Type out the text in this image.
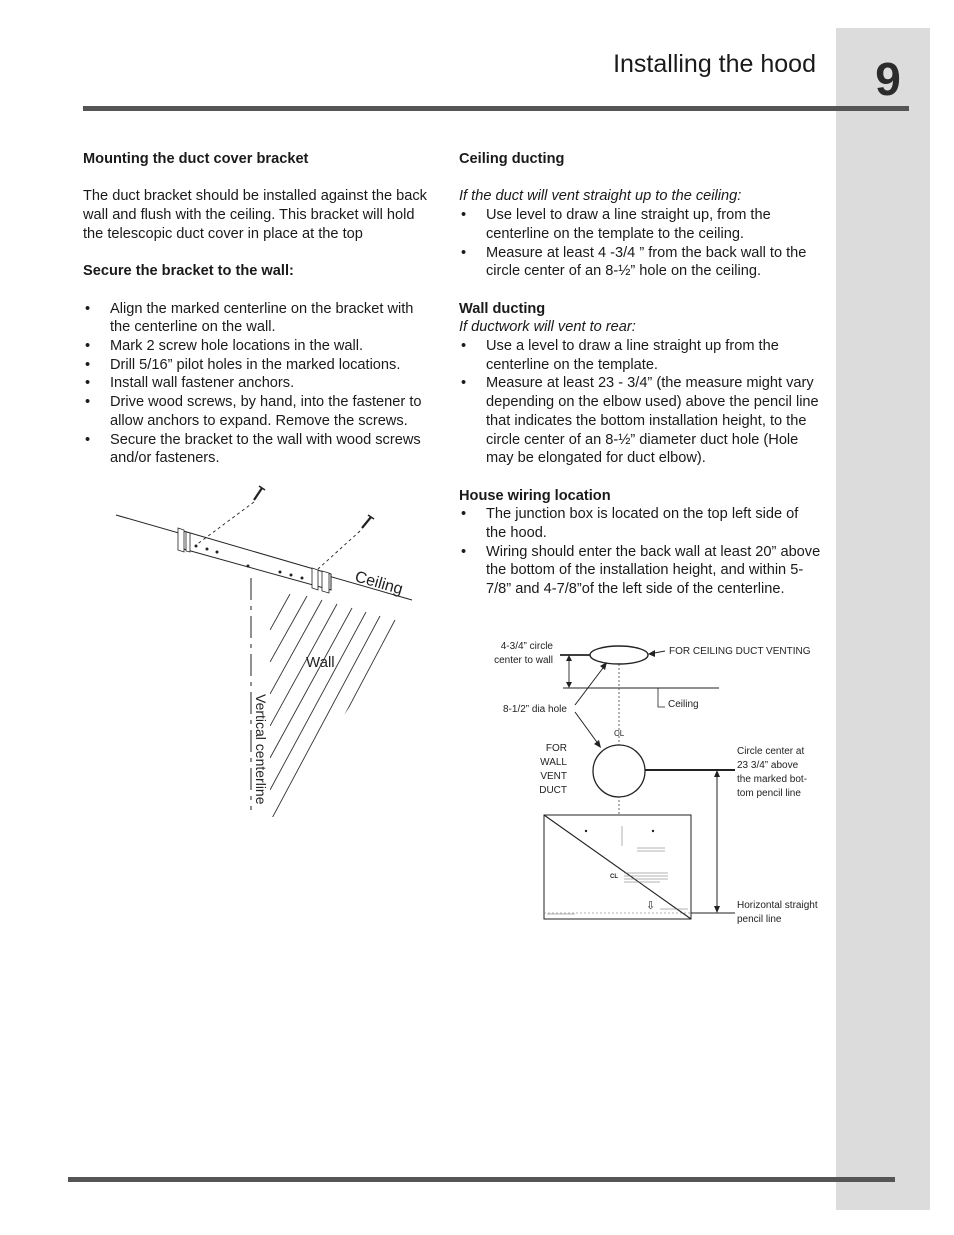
9
Installing the hood

Mounting the duct cover bracket

The duct bracket should be installed against the back wall and flush with the ceiling. This bracket will hold the telescopic duct cover in place at the top

Secure the bracket to the wall:

• Align the marked centerline on the bracket with the centerline on the wall.
• Mark 2 screw hole locations in the wall.
• Drill 5/16” pilot holes in the marked locations.
• Install wall fastener anchors.
• Drive wood screws, by hand, into the fastener to allow anchors to expand. Remove the screws.
• Secure the bracket to the wall with wood screws and/or fasteners.

Ceiling ducting

If the duct will vent straight up to the ceiling:

• Use level to draw a line straight up, from the centerline on the template to the ceiling.
• Measure at least 4 -3/4 ” from the back wall to the circle center of an 8-½” hole on the ceiling.

Wall ducting

If ductwork will vent to rear:

• Use a level to draw a line straight up from the centerline on the template.
• Measure at least 23 - 3/4” (the measure might vary depending on the elbow used) above the pencil line that indicates the bottom installation height, to the circle center of an 8-½” diameter duct hole (Hole may be elongated for duct elbow).

House wiring location

• The junction box is located on the top left side of the hood.
• Wiring should enter the back wall at least 20” above the bottom of the installation height, and within 5-7/8” and 4-7/8”of the left side of the centerline.
Ceiling
Wall
Vertical centerline
CL
⇩
4-3/4” circle
center to wall
FOR CEILING DUCT VENTING
Ceiling
8-1/2” dia hole
CL
FOR
WALL
VENT
DUCT
Circle center at
23 3/4” above
the marked bot-
tom pencil line
Horizontal straight
pencil line
